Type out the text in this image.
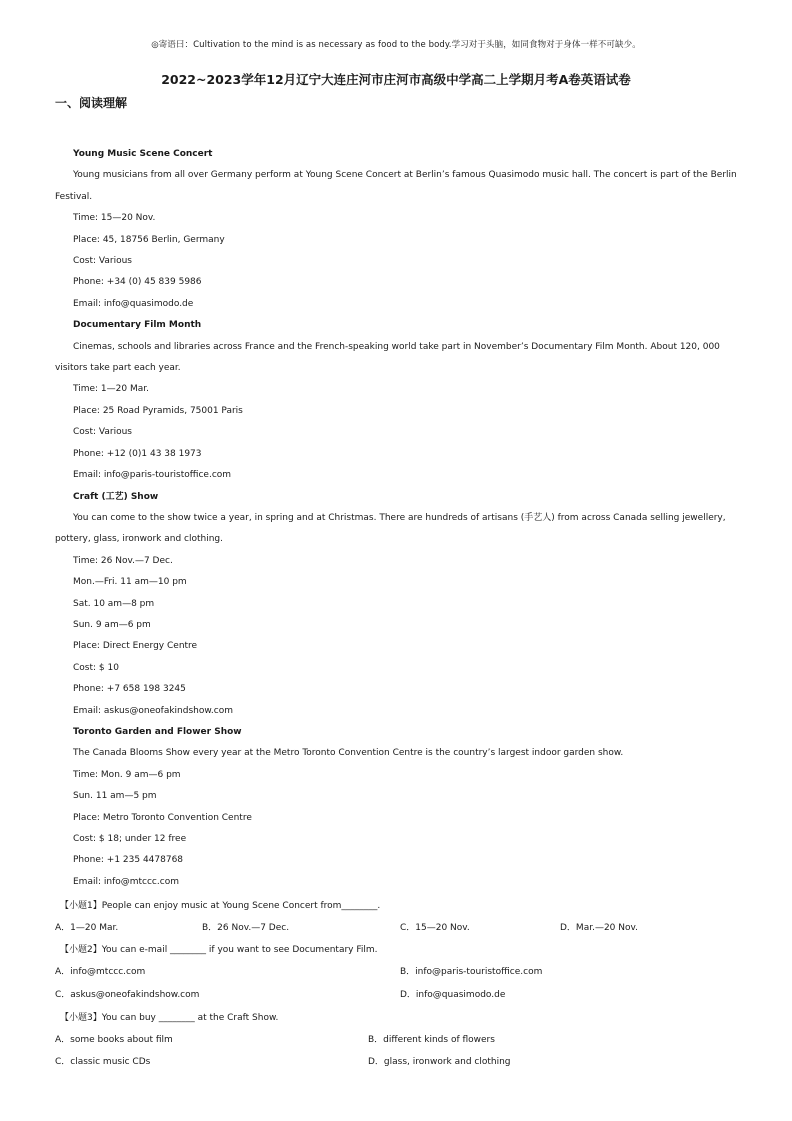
◎寄语曰：Cultivation to the mind is as necessary as food to the body.学习对于头脑，如同食物对于身体一样不可缺少。
2022~2023学年12月辽宁大连庄河市庄河市高级中学高二上学期月考A卷英语试卷
一、阅读理解
Young Music Scene Concert
Young musicians from all over Germany perform at Young Scene Concert at Berlin’s famous Quasimodo music hall. The concert is part of the Berlin Festival.
Time: 15—20 Nov.
Place: 45, 18756 Berlin, Germany
Cost: Various
Phone: +34 (0) 45 839 5986
Email: info@quasimodo.de
Documentary Film Month
Cinemas, schools and libraries across France and the French-speaking world take part in November’s Documentary Film Month. About 120, 000 visitors take part each year.
Time: 1—20 Mar.
Place: 25 Road Pyramids, 75001 Paris
Cost: Various
Phone: +12 (0)1 43 38 1973
Email: info@paris-touristoffice.com
Craft (工艺) Show
You can come to the show twice a year, in spring and at Christmas. There are hundreds of artisans (手艺人) from across Canada selling jewellery, pottery, glass, ironwork and clothing.
Time: 26 Nov.—7 Dec.
Mon.—Fri. 11 am—10 pm
Sat. 10 am—8 pm
Sun. 9 am—6 pm
Place: Direct Energy Centre
Cost: $ 10
Phone: +7 658 198 3245
Email: askus@oneofakindshow.com
Toronto Garden and Flower Show
The Canada Blooms Show every year at the Metro Toronto Convention Centre is the country’s largest indoor garden show.
Time: Mon. 9 am—6 pm
Sun. 11 am—5 pm
Place: Metro Toronto Convention Centre
Cost: $ 18; under 12 free
Phone: +1 235 4478768
Email: info@mtccc.com
【小题1】People can enjoy music at Young Scene Concert from________.
A．1—20 Mar.	B．26 Nov.—7 Dec.	C．15—20 Nov.	D．Mar.—20 Nov.
【小题2】You can e-mail ________ if you want to see Documentary Film.
A．info@mtccc.com	B．info@paris-touristoffice.com
C．askus@oneofakindshow.com	D．info@quasimodo.de
【小题3】You can buy ________ at the Craft Show.
A．some books about film	B．different kinds of flowers
C．classic music CDs	D．glass, ironwork and clothing
